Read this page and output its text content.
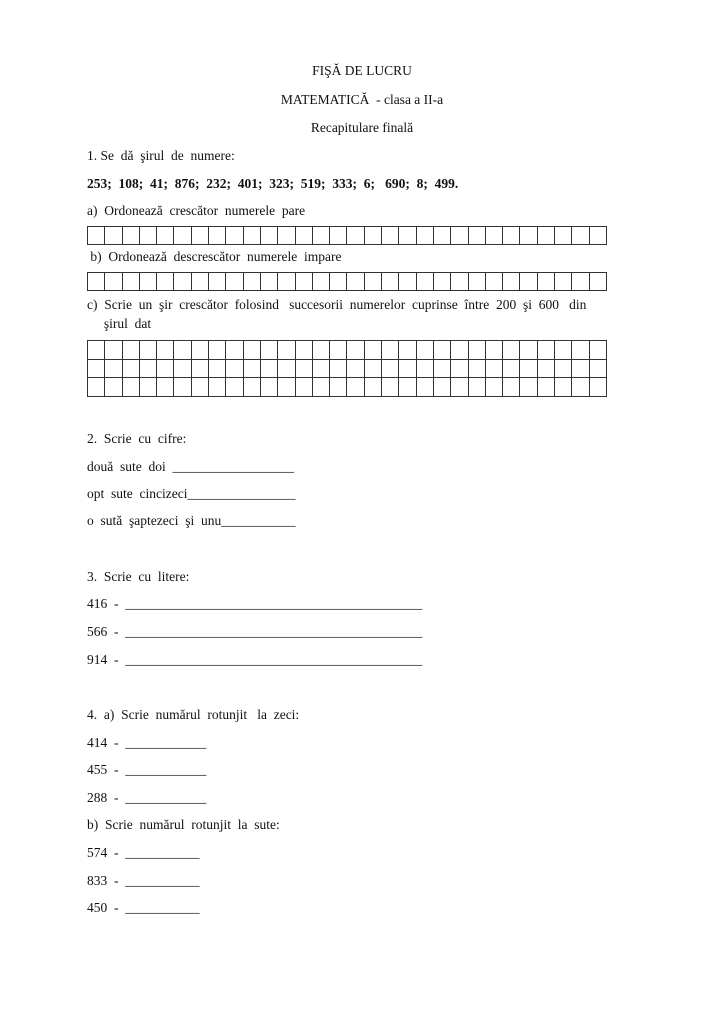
FIŞĂ DE LUCRU
MATEMATICĂ  - clasa a II-a
Recapitulare finală
1. Se  dă  şirul  de  numere:
253;  108;  41;  876;  232;  401;  323;  519;  333;  6;   690;  8;  499.
a)  Ordonează  crescător  numerele  pare

b)  Ordonează  descrescător  numerele  impare

c)  Scrie  un  şir  crescător  folosind   succesorii  numerelor  cuprinse  între  200  şi  600   din
şirul  dat

2.  Scrie  cu  cifre:
două  sute  doi  __________________
opt  sute  cincizeci________________
o  sută  şaptezeci  şi  unu___________
3.  Scrie  cu  litere:
416  -  ____________________________________________
566  -  ____________________________________________
914  -  ____________________________________________
4.  a)  Scrie  numărul  rotunjit   la  zeci:
414  -  ____________
455  -  ____________
288  -  ____________
b)  Scrie  numărul  rotunjit  la  sute:
574  -  ___________
833  -  ___________
450  -  ___________
